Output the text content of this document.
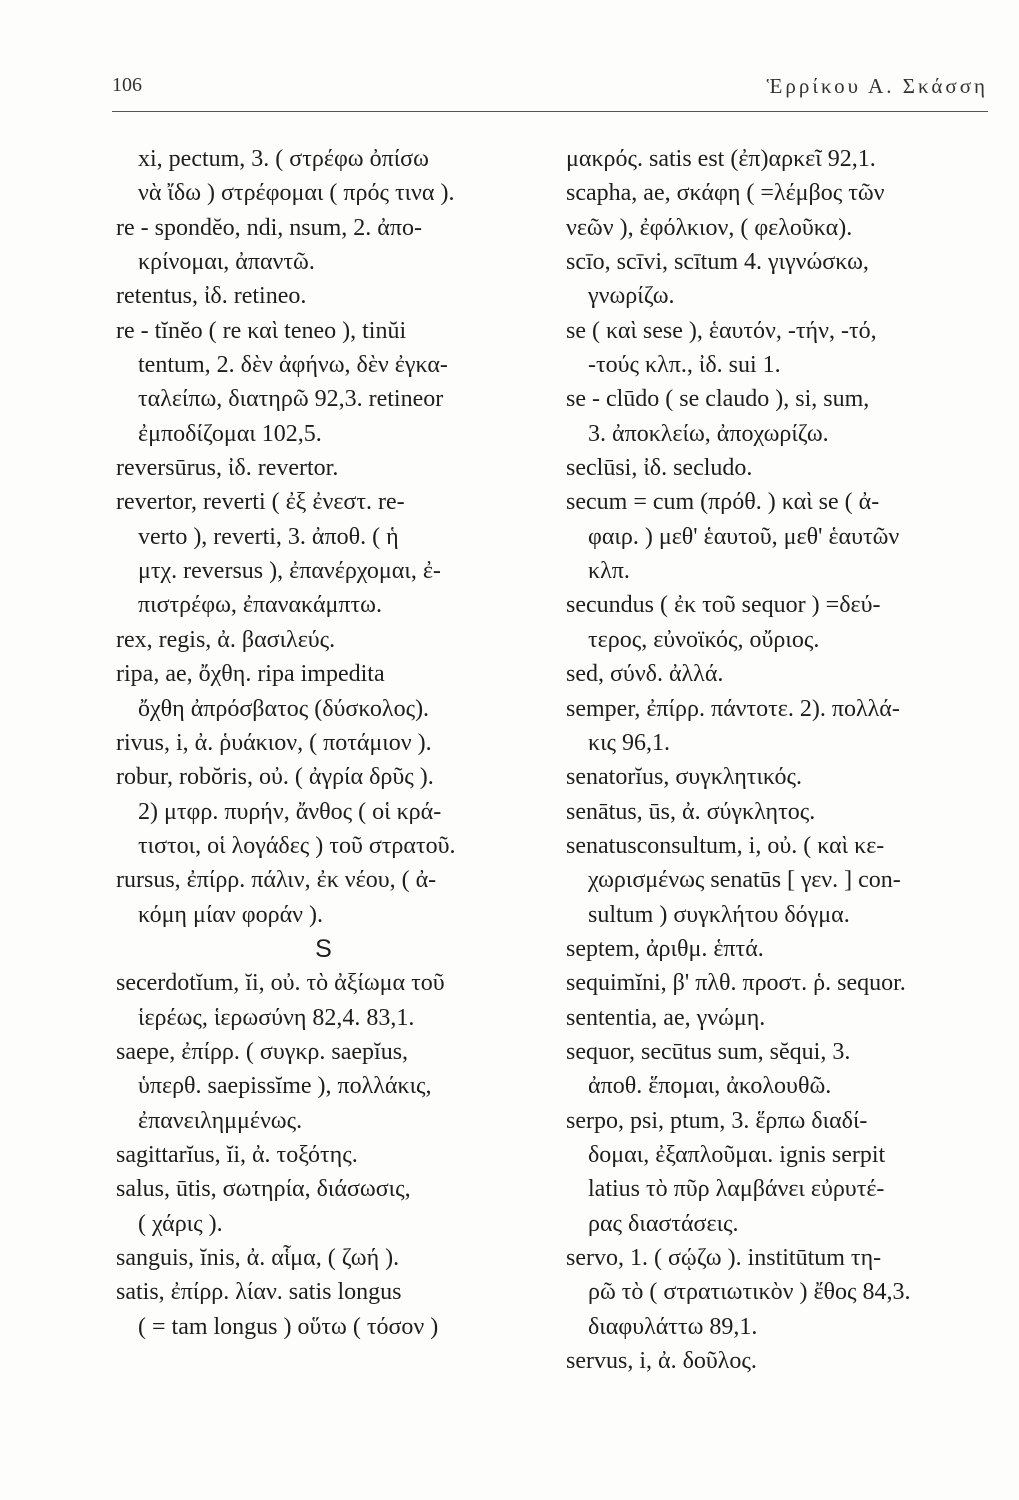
106	Ἑρρίκου Α. Σκάσση
xi, pectum, 3. ( στρέφω ὀπίσω
νὰ ἴδω ) στρέφομαι ( πρός τινα ).
re - spondĕo, ndi, nsum, 2. ἀπο-
κρίνομαι, ἀπαντῶ.
retentus, ἰδ. retineo.
re - tĭnĕo ( re καὶ teneo ), tinŭi
tentum, 2. δὲν ἀφήνω, δὲν ἐγκα-
ταλείπω, διατηρῶ 92,3. retineor
ἐμποδίζομαι 102,5.
reversūrus, ἰδ. revertor.
revertor, reverti ( ἐξ ἐνεστ. re-
verto ), reverti, 3. ἀποθ. ( ἡ
μτχ. reversus ), ἐπανέρχομαι, ἐ-
πιστρέφω, ἐπανακάμπτω.
rex, regis, ἀ. βασιλεύς.
ripa, ae, ὄχθη. ripa impedita
ὄχθη ἀπρόσβατος (δύσκολος).
rivus, i, ἀ. ῥυάκιον, ( ποτάμιον ).
robur, robŏris, οὐ. ( ἀγρία δρῦς ).
2) μτφρ. πυρήν, ἄνθος ( οἱ κρά-
τιστοι, οἱ λογάδες ) τοῦ στρατοῦ.
rursus, ἐπίρρ. πάλιν, ἐκ νέου, ( ἀ-
κόμη μίαν φοράν ).
S
secerdotĭum, ĭi, οὐ. τὸ ἀξίωμα τοῦ
ἱερέως, ἱερωσύνη 82,4. 83,1.
saepe, ἐπίρρ. ( συγκρ. saepĭus,
ὑπερθ. saepissĭme ), πολλάκις,
ἐπανειλημμένως.
sagittarĭus, ĭi, ἀ. τοξότης.
salus, ūtis, σωτηρία, διάσωσις,
( χάρις ).
sanguis, ĭnis, ἀ. αἷμα, ( ζωή ).
satis, ἐπίρρ. λίαν. satis longus
( = tam longus ) οὕτω ( τόσον )
μακρός. satis est (ἐπ)αρκεῖ 92,1.
scapha, ae, σκάφη ( =λέμβος τῶν
νεῶν ), ἐφόλκιον, ( φελοῦκα).
scīo, scīvi, scītum 4. γιγνώσκω,
γνωρίζω.
se ( καὶ sese ), ἑαυτόν, -τήν, -τό,
-τούς κλπ., ἰδ. sui 1.
se - clūdo ( se claudo ), si, sum,
3. ἀποκλείω, ἀποχωρίζω.
seclūsi, ἰδ. secludo.
secum = cum (πρόθ. ) καὶ se ( ἀ-
φαιρ. ) μεθ' ἑαυτοῦ, μεθ' ἑαυτῶν
κλπ.
secundus ( ἐκ τοῦ sequor ) =δεύ-
τερος, εὐνοϊκός, οὔριος.
sed, σύνδ. ἀλλά.
semper, ἐπίρρ. πάντοτε. 2). πολλά-
κις 96,1.
senatorĭus, συγκλητικός.
senātus, ūs, ἀ. σύγκλητος.
senatusconsultum, i, οὐ. ( καὶ κε-
χωρισμένως senatūs [ γεν. ] con-
sultum ) συγκλήτου δόγμα.
septem, ἀριθμ. ἑπτά.
sequimĭni, β' πλθ. προστ. ῥ. sequor.
sententia, ae, γνώμη.
sequor, secūtus sum, sĕqui, 3.
ἀποθ. ἕπομαι, ἀκολουθῶ.
serpo, psi, ptum, 3. ἕρπω διαδί-
δομαι, ἐξαπλοῦμαι. ignis serpit
latius τὸ πῦρ λαμβάνει εὐρυτέ-
ρας διαστάσεις.
servo, 1. ( σῴζω ). institūtum τη-
ρῶ τὸ ( στρατιωτικὸν ) ἔθος 84,3.
διαφυλάττω 89,1.
servus, i, ἀ. δοῦλος.
